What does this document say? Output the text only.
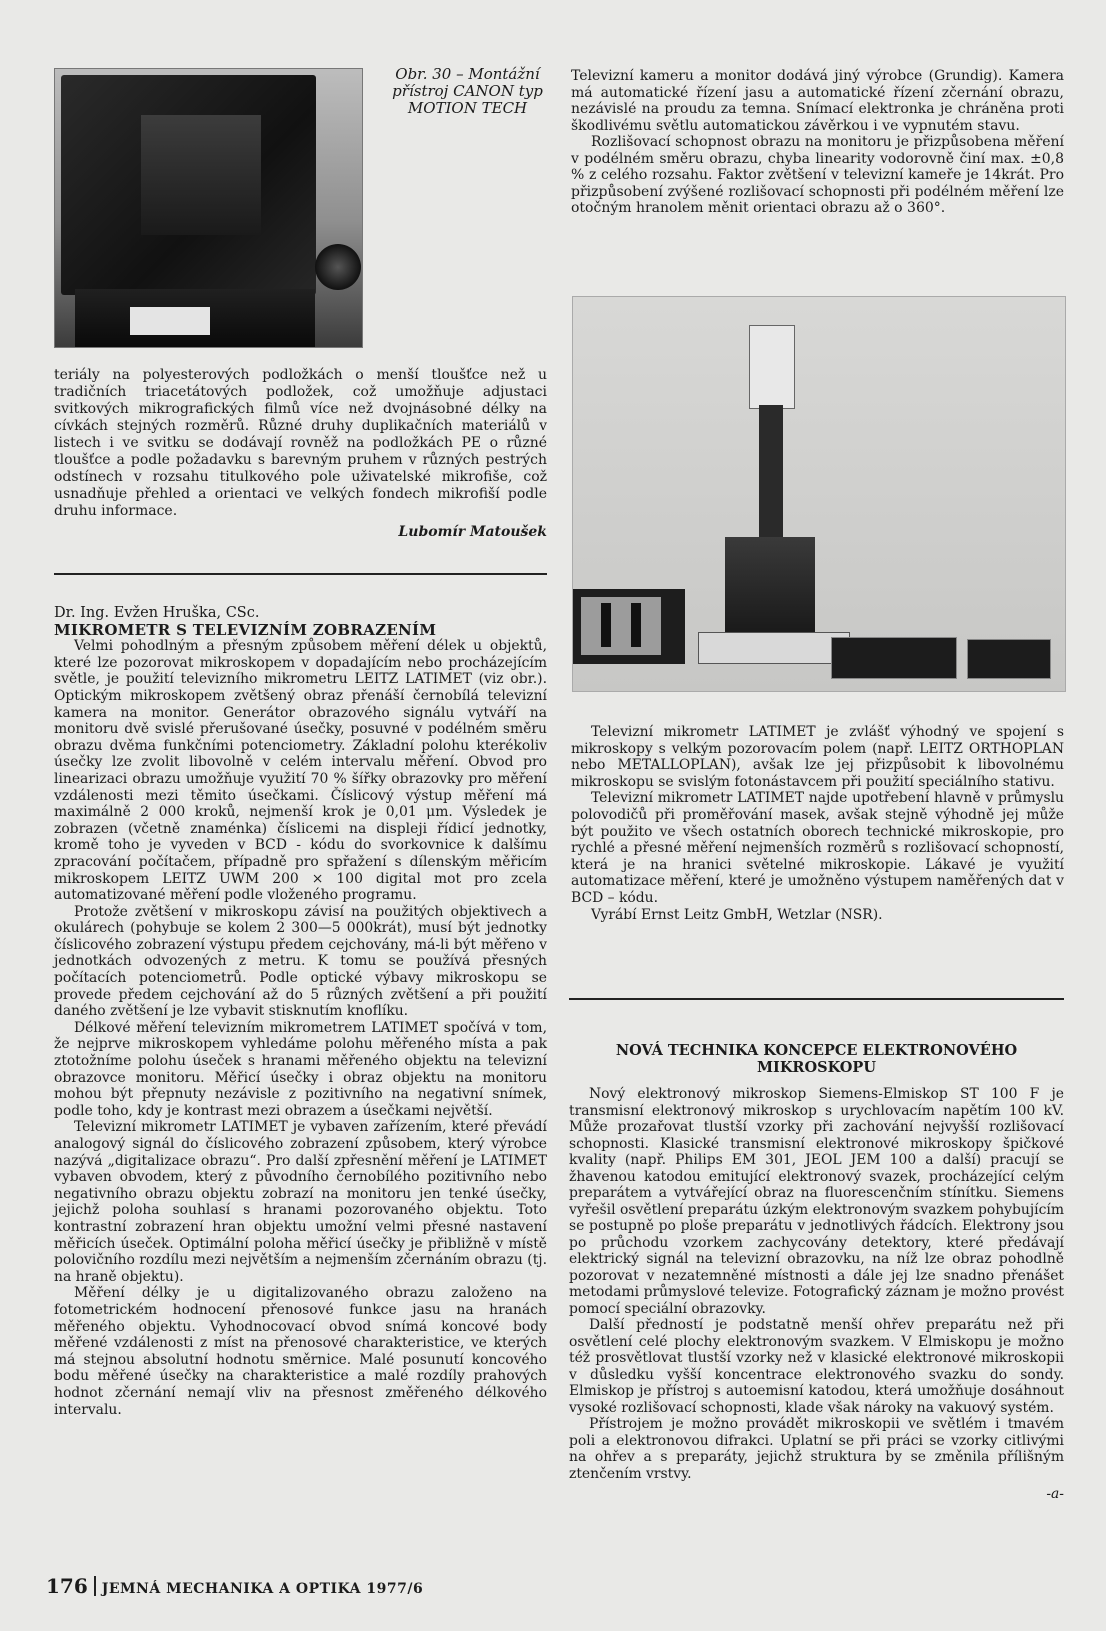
Obr. 30 – Montážní přístroj CANON typ MOTION TECH

Televizní kameru a monitor dodává jiný výrobce (Grundig). Kamera má automatické řízení jasu a automatické řízení zčernání obrazu, nezávislé na proudu za temna. Snímací elektronka je chráněna proti škodlivému světlu automatickou závěrkou i ve vypnutém stavu.

Rozlišovací schopnost obrazu na monitoru je přizpůsobena měření v podélném směru obrazu, chyba linearity vodorovně činí max. ±0,8 % z celého rozsahu. Faktor zvětšení v televizní kameře je 14krát. Pro přizpůsobení zvýšené rozlišovací schopnosti při podélném měření lze otočným hranolem měnit orientaci obrazu až o 360°.

teriály na polyesterových podložkách o menší tloušťce než u tradičních triacetátových podložek, což umožňuje adjustaci svitkových mikrografických filmů více než dvojnásobné délky na cívkách stejných rozměrů. Různé druhy duplikačních materiálů v listech i ve svitku se dodávají rovněž na podložkách PE o různé tloušťce a podle požadavku s barevným pruhem v různých pestrých odstínech v rozsahu titulkového pole uživatelské mikrofiše, což usnadňuje přehled a orientaci ve velkých fondech mikrofiší podle druhu informace.

Lubomír Matoušek
Dr. Ing. Evžen Hruška, CSc.
MIKROMETR S TELEVIZNÍM ZOBRAZENÍM

Velmi pohodlným a přesným způsobem měření délek u objektů, které lze pozorovat mikroskopem v dopadajícím nebo procházejícím světle, je použití televizního mikrometru LEITZ LATIMET (viz obr.). Optickým mikroskopem zvětšený obraz přenáší černobílá televizní kamera na monitor. Generátor obrazového signálu vytváří na monitoru dvě svislé přerušované úsečky, posuvné v podélném směru obrazu dvěma funkčními potenciometry. Základní polohu kterékoliv úsečky lze zvolit libovolně v celém intervalu měření. Obvod pro linearizaci obrazu umožňuje využití 70 % šířky obrazovky pro měření vzdálenosti mezi těmito úsečkami. Číslicový výstup měření má maximálně 2 000 kroků, nejmenší krok je 0,01 μm. Výsledek je zobrazen (včetně znaménka) číslicemi na displeji řídicí jednotky, kromě toho je vyveden v BCD - kódu do svorkovnice k dalšímu zpracování počítačem, případně pro spřažení s dílenským měřicím mikroskopem LEITZ UWM 200 × 100 digital mot pro zcela automatizované měření podle vloženého programu.

Protože zvětšení v mikroskopu závisí na použitých objektivech a okulárech (pohybuje se kolem 2 300—5 000krát), musí být jednotky číslicového zobrazení výstupu předem cejchovány, má-li být měřeno v jednotkách odvozených z metru. K tomu se používá přesných počítacích potenciometrů. Podle optické výbavy mikroskopu se provede předem cejchování až do 5 různých zvětšení a při použití daného zvětšení je lze vybavit stisknutím knoflíku.

Délkové měření televizním mikrometrem LATIMET spočívá v tom, že nejprve mikroskopem vyhledáme polohu měřeného místa a pak ztotožníme polohu úseček s hranami měřeného objektu na televizní obrazovce monitoru. Měřicí úsečky i obraz objektu na monitoru mohou být přepnuty nezávisle z pozitivního na negativní snímek, podle toho, kdy je kontrast mezi obrazem a úsečkami největší.

Televizní mikrometr LATIMET je vybaven zařízením, které převádí analogový signál do číslicového zobrazení způsobem, který výrobce nazývá „digitalizace obrazu“. Pro další zpřesnění měření je LATIMET vybaven obvodem, který z původního černobílého pozitivního nebo negativního obrazu objektu zobrazí na monitoru jen tenké úsečky, jejichž poloha souhlasí s hranami pozorovaného objektu. Toto kontrastní zobrazení hran objektu umožní velmi přesné nastavení měřicích úseček. Optimální poloha měřicí úsečky je přibližně v místě polovičního rozdílu mezi největším a nejmenším zčernáním obrazu (tj. na hraně objektu).

Měření délky je u digitalizovaného obrazu založeno na fotometrickém hodnocení přenosové funkce jasu na hranách měřeného objektu. Vyhodnocovací obvod snímá koncové body měřené vzdálenosti z míst na přenosové charakteristice, ve kterých má stejnou absolutní hodnotu směrnice. Malé posunutí koncového bodu měřené úsečky na charakteristice a malé rozdíly prahových hodnot zčernání nemají vliv na přesnost změřeného délkového intervalu.

Televizní mikrometr LATIMET je zvlášť výhodný ve spojení s mikroskopy s velkým pozorovacím polem (např. LEITZ ORTHOPLAN nebo METALLOPLAN), avšak lze jej přizpůsobit k libovolnému mikroskopu se svislým fotonástavcem při použití speciálního stativu.

Televizní mikrometr LATIMET najde upotřebení hlavně v průmyslu polovodičů při proměřování masek, avšak stejně výhodně jej může být použito ve všech ostatních oborech technické mikroskopie, pro rychlé a přesné měření nejmenších rozměrů s rozlišovací schopností, která je na hranici světelné mikroskopie. Lákavé je využití automatizace měření, které je umožněno výstupem naměřených dat v BCD – kódu.

Vyrábí Ernst Leitz GmbH, Wetzlar (NSR).

NOVÁ TECHNIKA KONCEPCE ELEKTRONOVÉHO MIKROSKOPU

Nový elektronový mikroskop Siemens-Elmiskop ST 100 F je transmisní elektronový mikroskop s urychlovacím napětím 100 kV. Může prozařovat tlustší vzorky při zachování nejvyšší rozlišovací schopnosti. Klasické transmisní elektronové mikroskopy špičkové kvality (např. Philips EM 301, JEOL JEM 100 a další) pracují se žhavenou katodou emitující elektronový svazek, procházející celým preparátem a vytvářející obraz na fluorescenčním stínítku. Siemens vyřešil osvětlení preparátu úzkým elektronovým svazkem pohybujícím se postupně po ploše preparátu v jednotlivých řádcích. Elektrony jsou po průchodu vzorkem zachycovány detektory, které předávají elektrický signál na televizní obrazovku, na níž lze obraz pohodlně pozorovat v nezatemněné místnosti a dále jej lze snadno přenášet metodami průmyslové televize. Fotografický záznam je možno provést pomocí speciální obrazovky.

Další předností je podstatně menší ohřev preparátu než při osvětlení celé plochy elektronovým svazkem. V Elmiskopu je možno též prosvětlovat tlustší vzorky než v klasické elektronové mikroskopii v důsledku vyšší koncentrace elektronového svazku do sondy. Elmiskop je přístroj s autoemisní katodou, která umožňuje dosáhnout vysoké rozlišovací schopnosti, klade však nároky na vakuový systém.

Přístrojem je možno provádět mikroskopii ve světlém i tmavém poli a elektronovou difrakci. Uplatní se při práci se vzorky citlivými na ohřev a s preparáty, jejichž struktura by se změnila přílišným ztenčením vrstvy.

-a-
176 JEMNÁ MECHANIKA A OPTIKA 1977/6
